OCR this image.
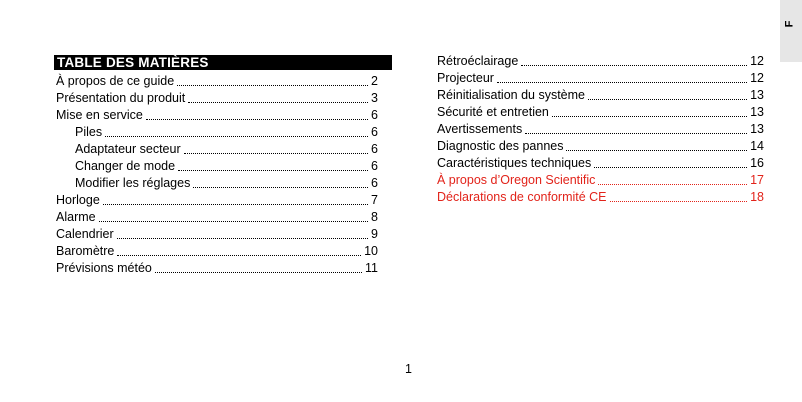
F
TABLE DES MATIÈRES
À propos de ce guide	2
Présentation du produit	3
Mise en service	6
Piles	6
Adaptateur secteur	6
Changer de mode	6
Modifier les réglages	6
Horloge	7
Alarme	8
Calendrier	9
Baromètre	10
Prévisions météo	11
Rétroéclairage	12
Projecteur	12
Réinitialisation du système	13
Sécurité et entretien	13
Avertissements	13
Diagnostic des pannes	14
Caractéristiques techniques	16
À propos d’Oregon Scientific	17
Déclarations de conformité CE	18
1
